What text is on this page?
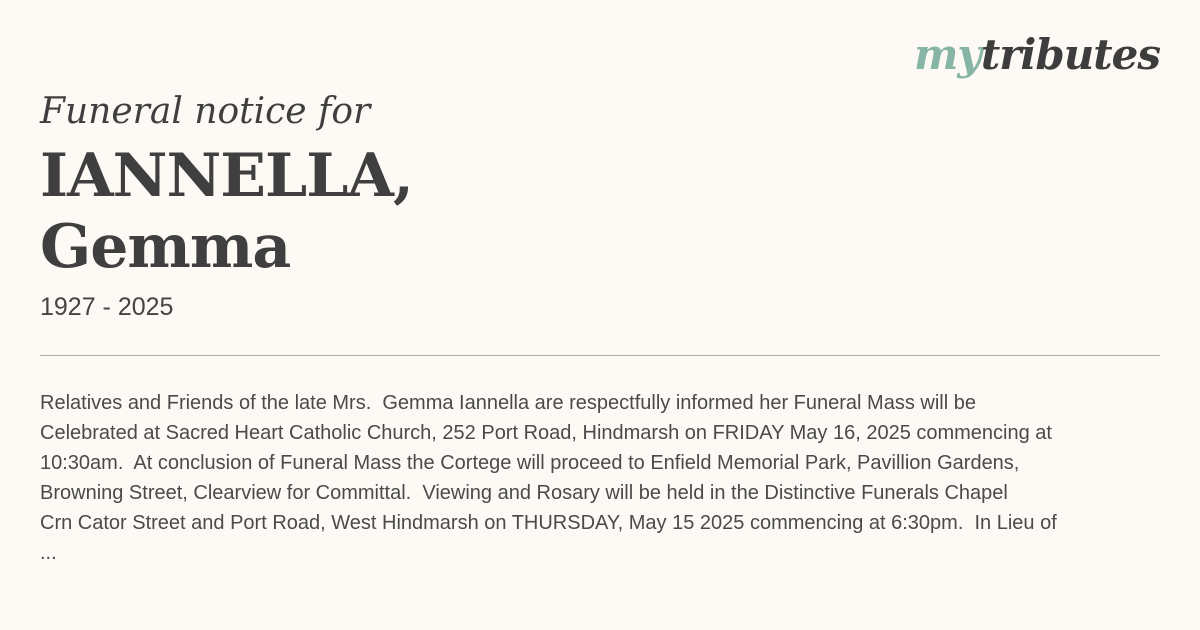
mytributes
Funeral notice for
IANNELLA,
Gemma
1927 - 2025
Relatives and Friends of the late Mrs.  Gemma Iannella are respectfully informed her Funeral Mass will be
Celebrated at Sacred Heart Catholic Church, 252 Port Road, Hindmarsh on FRIDAY May 16, 2025 commencing at
10:30am.  At conclusion of Funeral Mass the Cortege will proceed to Enfield Memorial Park, Pavillion Gardens,
Browning Street, Clearview for Committal.  Viewing and Rosary will be held in the Distinctive Funerals Chapel
Crn Cator Street and Port Road, West Hindmarsh on THURSDAY, May 15 2025 commencing at 6:30pm.  In Lieu of
...
